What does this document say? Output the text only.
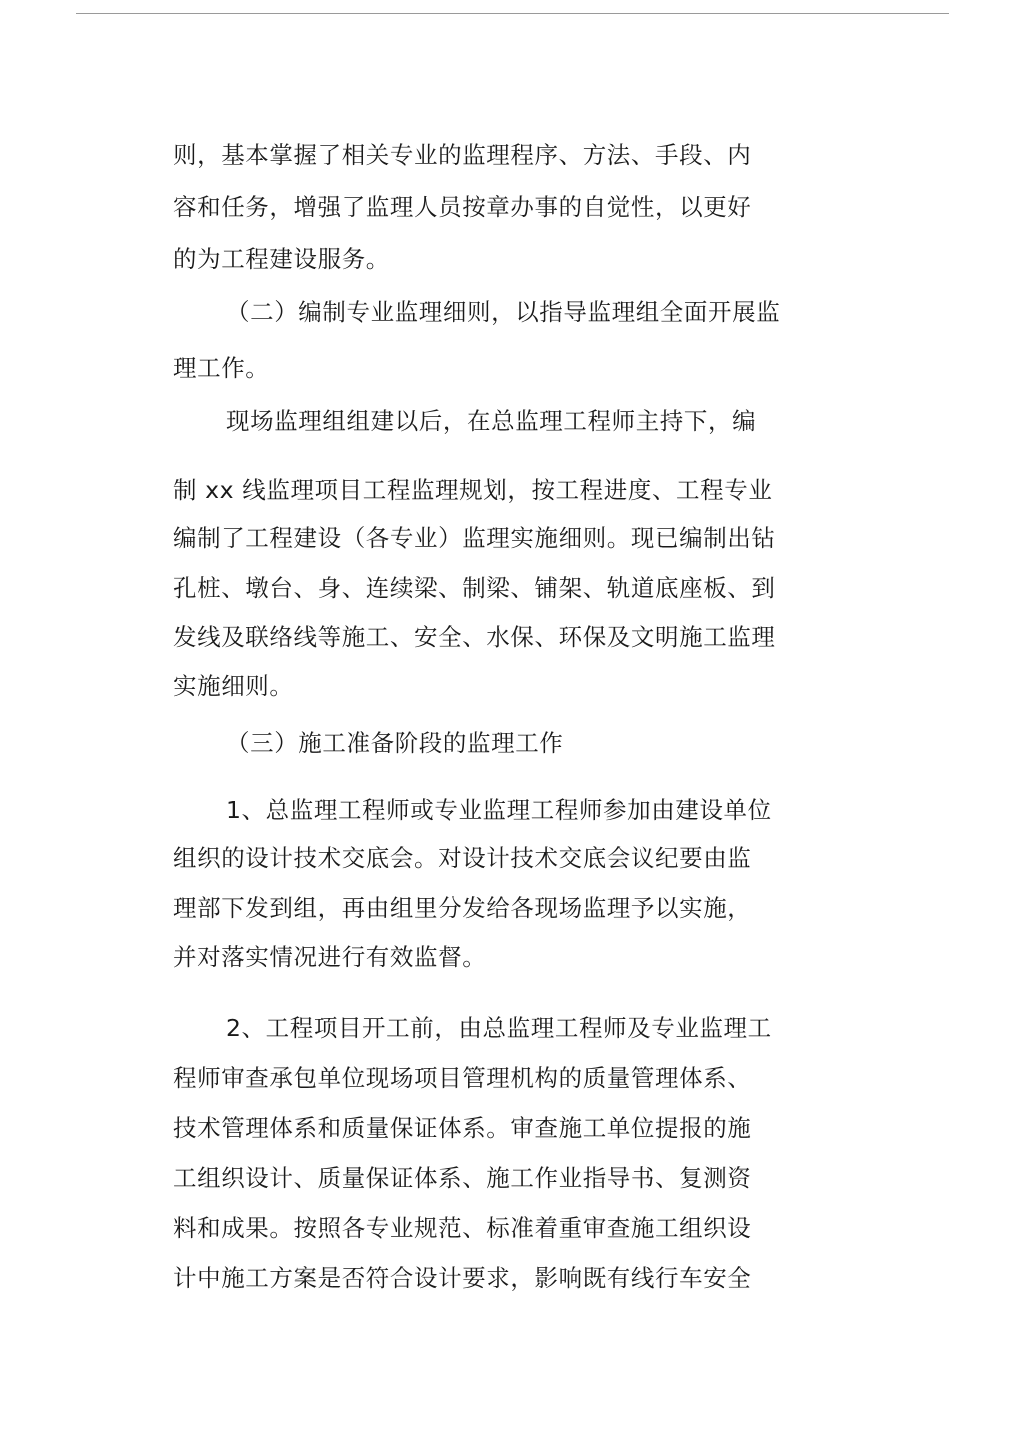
则，基本掌握了相关专业的监理程序、方法、手段、内
容和任务，增强了监理人员按章办事的自觉性，以更好
的为工程建设服务。
（二）编制专业监理细则，以指导监理组全面开展监
理工作。
现场监理组组建以后，在总监理工程师主持下，编
制 xx 线监理项目工程监理规划，按工程进度、工程专业
编制了工程建设（各专业）监理实施细则。现已编制出钻
孔桩、墩台、身、连续梁、制梁、铺架、轨道底座板、到
发线及联络线等施工、安全、水保、环保及文明施工监理
实施细则。
（三）施工准备阶段的监理工作
1、总监理工程师或专业监理工程师参加由建设单位
组织的设计技术交底会。对设计技术交底会议纪要由监
理部下发到组，再由组里分发给各现场监理予以实施，
并对落实情况进行有效监督。
2、工程项目开工前，由总监理工程师及专业监理工
程师审查承包单位现场项目管理机构的质量管理体系、
技术管理体系和质量保证体系。审查施工单位提报的施
工组织设计、质量保证体系、施工作业指导书、复测资
料和成果。按照各专业规范、标准着重审查施工组织设
计中施工方案是否符合设计要求，影响既有线行车安全
